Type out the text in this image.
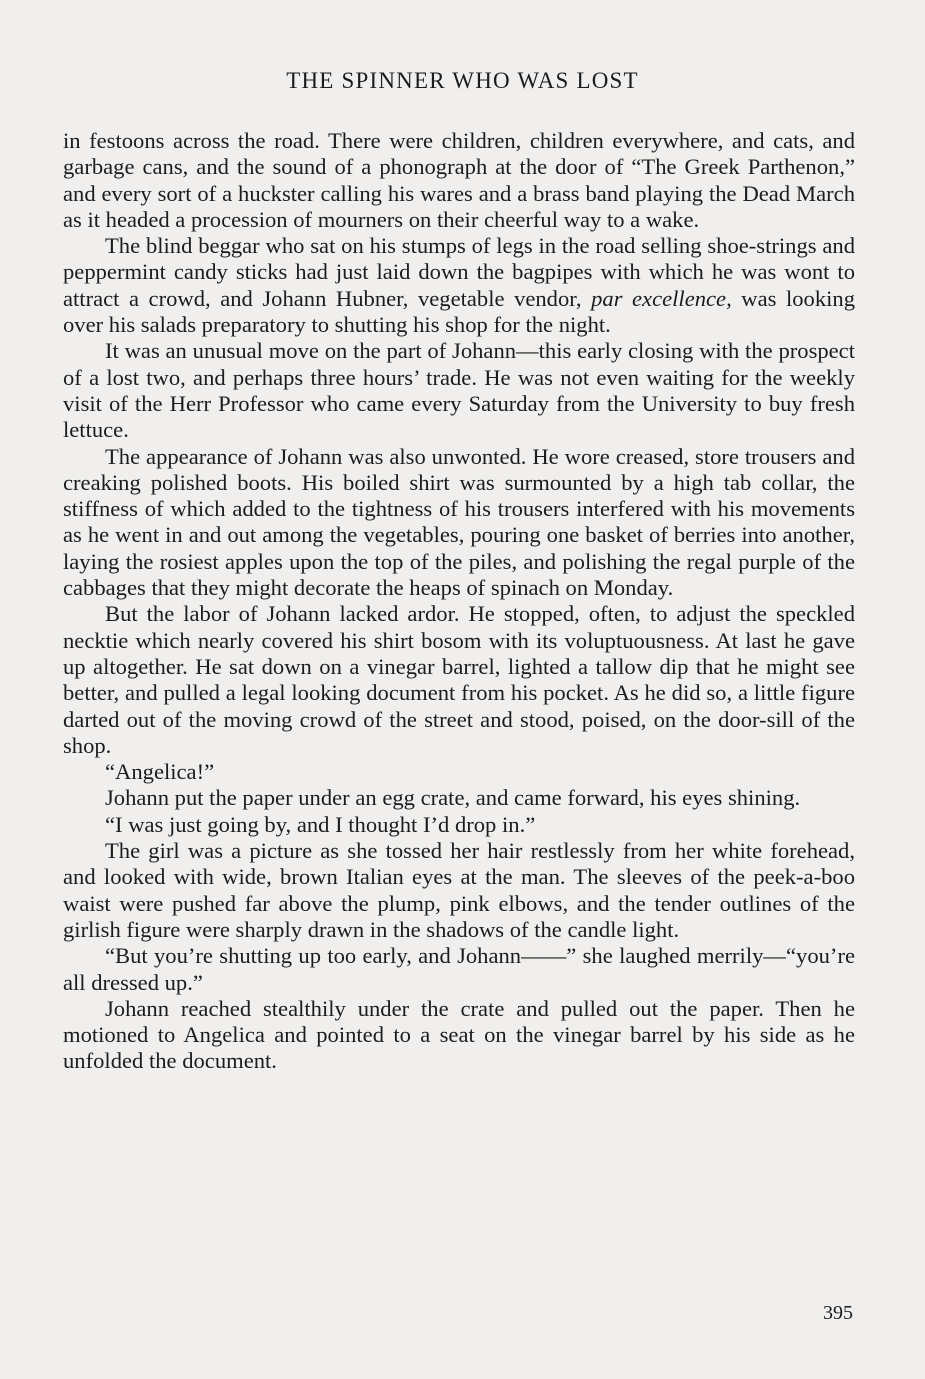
THE SPINNER WHO WAS LOST

in festoons across the road. There were children, children everywhere, and cats, and garbage cans, and the sound of a phonograph at the door of “The Greek Parthenon,” and every sort of a huckster calling his wares and a brass band playing the Dead March as it headed a procession of mourners on their cheerful way to a wake.

The blind beggar who sat on his stumps of legs in the road selling shoe-strings and peppermint candy sticks had just laid down the bagpipes with which he was wont to attract a crowd, and Johann Hubner, vegetable vendor, par excellence, was looking over his salads preparatory to shutting his shop for the night.

It was an unusual move on the part of Johann—this early closing with the prospect of a lost two, and perhaps three hours’ trade. He was not even waiting for the weekly visit of the Herr Professor who came every Saturday from the University to buy fresh lettuce.

The appearance of Johann was also unwonted. He wore creased, store trousers and creaking polished boots. His boiled shirt was surmounted by a high tab collar, the stiffness of which added to the tightness of his trousers interfered with his movements as he went in and out among the vegetables, pouring one basket of berries into another, laying the rosiest apples upon the top of the piles, and polishing the regal purple of the cabbages that they might decorate the heaps of spinach on Monday.

But the labor of Johann lacked ardor. He stopped, often, to adjust the speckled necktie which nearly covered his shirt bosom with its voluptuousness. At last he gave up altogether. He sat down on a vinegar barrel, lighted a tallow dip that he might see better, and pulled a legal looking document from his pocket. As he did so, a little figure darted out of the moving crowd of the street and stood, poised, on the door-sill of the shop.

“Angelica!”

Johann put the paper under an egg crate, and came forward, his eyes shining.

“I was just going by, and I thought I’d drop in.”

The girl was a picture as she tossed her hair restlessly from her white forehead, and looked with wide, brown Italian eyes at the man. The sleeves of the peek-a-boo waist were pushed far above the plump, pink elbows, and the tender outlines of the girlish figure were sharply drawn in the shadows of the candle light.

“But you’re shutting up too early, and Johann——” she laughed merrily—“you’re all dressed up.”

Johann reached stealthily under the crate and pulled out the paper. Then he motioned to Angelica and pointed to a seat on the vinegar barrel by his side as he unfolded the document.

395
